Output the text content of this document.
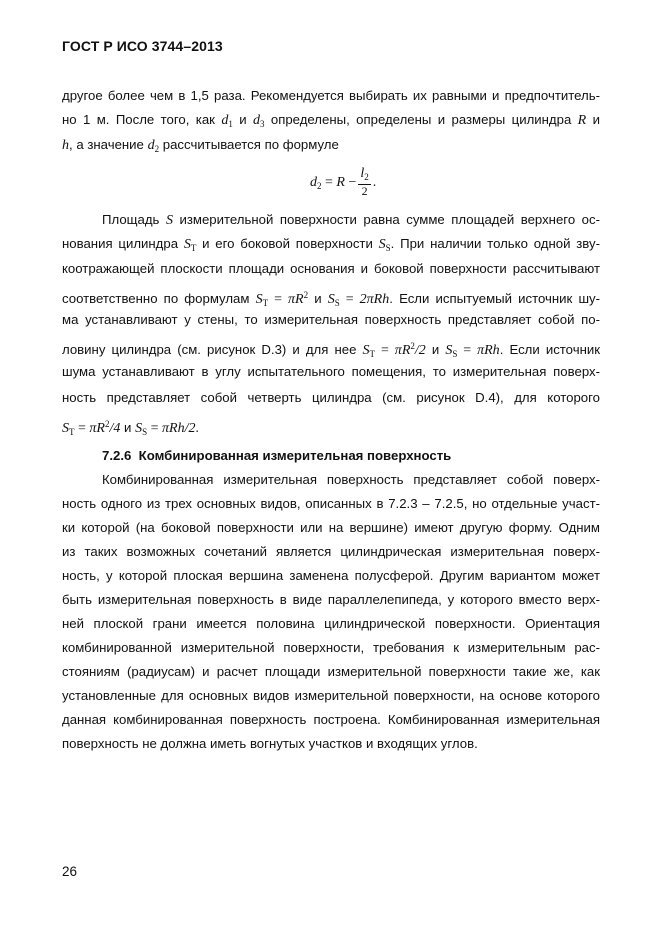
ГОСТ Р ИСО 3744–2013

другое более чем в 1,5 раза. Рекомендуется выбирать их равными и предпочтитель-

но 1 м. После того, как $d_1$ и $d_3$ определены, определены и размеры цилиндра R и

h, а значение $d_2$ рассчитывается по формуле

$d_2$
=
R
− $\frac{l_2}{2}$ .

Площадь S измерительной поверхности равна сумме площадей верхнего ос-

нования цилиндра $S_T$ и его боковой поверхности $S_S$. При наличии только одной зву-

коотражающей плоскости площади основания и боковой поверхности рассчитывают

соответственно по формулам $S_T = \pi R^2$ и $S_S = 2\pi Rh$. Если испытуемый источник шу-

ма устанавливают у стены, то измерительная поверхность представляет собой по-

ловину цилиндра (см. рисунок D.3) и для нее $S_T = \pi R^2/2$ и $S_S = \pi Rh$. Если источник

шума устанавливают в углу испытательного помещения, то измерительная поверх-

ность представляет собой четверть цилиндра (см. рисунок D.4), для которого

$S_T = \pi R^2/4$ и $S_S = \pi Rh/2$.

7.2.6 Комбинированная измерительная поверхность

Комбинированная измерительная поверхность представляет собой поверх-

ность одного из трех основных видов, описанных в 7.2.3 – 7.2.5, но отдельные участ-

ки которой (на боковой поверхности или на вершине) имеют другую форму. Одним

из таких возможных сочетаний является цилиндрическая измерительная поверх-

ность, у которой плоская вершина заменена полусферой. Другим вариантом может

быть измерительная поверхность в виде параллелепипеда, у которого вместо верх-

ней плоской грани имеется половина цилиндрической поверхности. Ориентация

комбинированной измерительной поверхности, требования к измерительным рас-

стояниям (радиусам) и расчет площади измерительной поверхности такие же, как

установленные для основных видов измерительной поверхности, на основе которого

данная комбинированная поверхность построена. Комбинированная измерительная

поверхность не должна иметь вогнутых участков и входящих углов.

26
